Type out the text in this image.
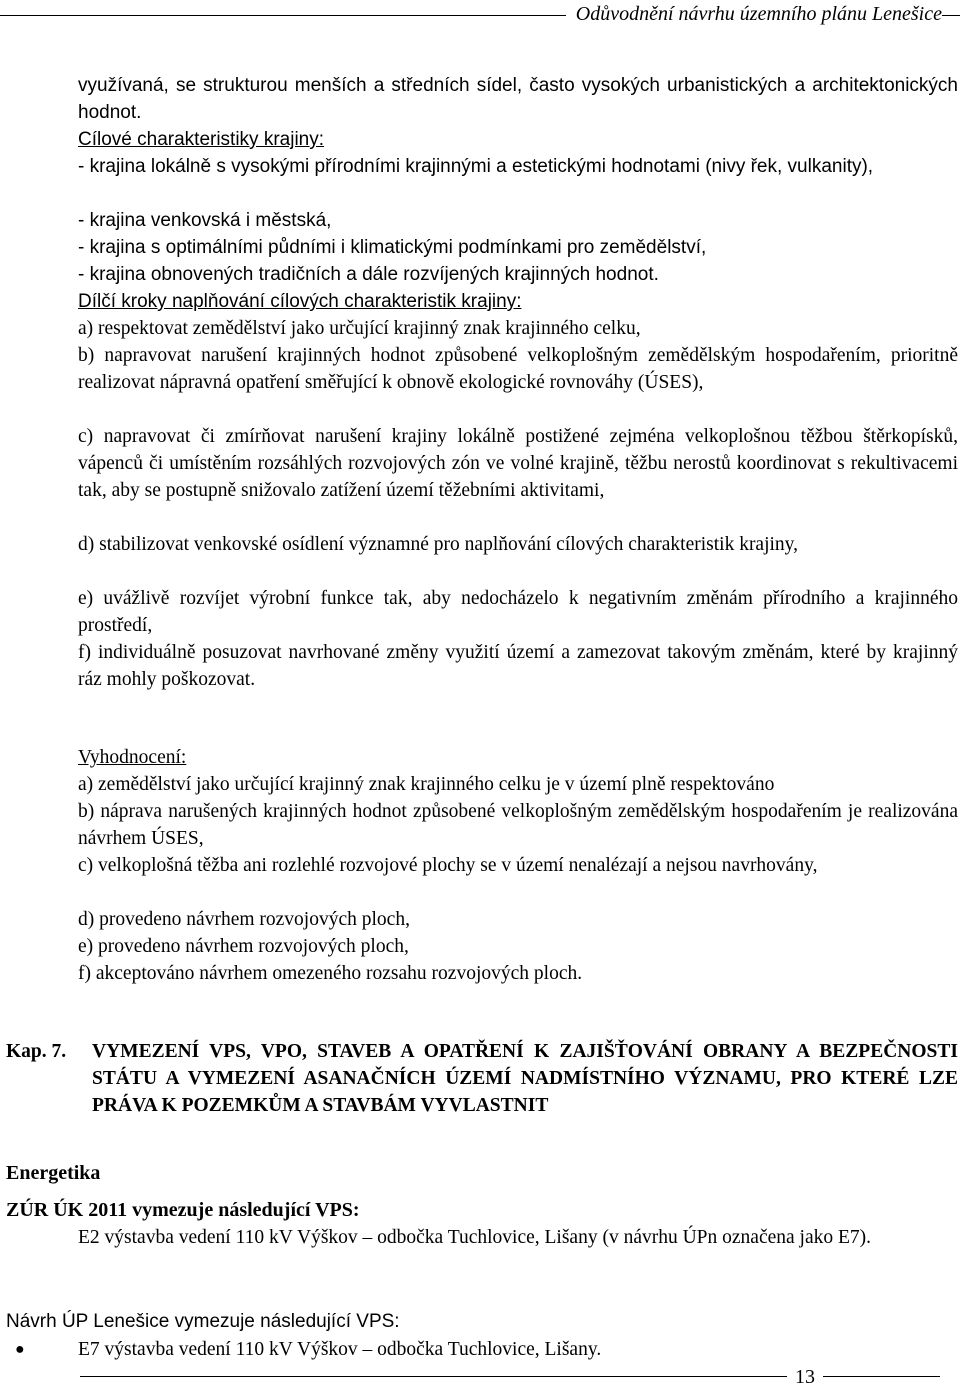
Odůvodnění návrhu územního plánu Lenešice
využívaná, se strukturou menších a středních sídel, často vysokých urbanistických a architektonických hodnot.
Cílové charakteristiky krajiny:
- krajina lokálně s vysokými přírodními krajinnými a estetickými hodnotami (nivy řek, vulkanity),
- krajina venkovská i městská,
- krajina s optimálními půdními i klimatickými podmínkami pro zemědělství,
- krajina obnovených tradičních a dále rozvíjených krajinných hodnot.
Dílčí kroky naplňování cílových charakteristik krajiny:
a) respektovat zemědělství jako určující krajinný znak krajinného celku,
b) napravovat narušení krajinných hodnot způsobené velkoplošným zemědělským hospodařením, prioritně realizovat nápravná opatření směřující k obnově ekologické rovnováhy (ÚSES),
c) napravovat či zmírňovat narušení krajiny lokálně postižené zejména velkoplošnou těžbou štěrkopísků, vápenců či umístěním rozsáhlých rozvojových zón ve volné krajině, těžbu nerostů koordinovat s rekultivacemi tak, aby se postupně snižovalo zatížení území těžebními aktivitami,
d) stabilizovat venkovské osídlení významné pro naplňování cílových charakteristik krajiny,
e) uvážlivě rozvíjet výrobní funkce tak, aby nedocházelo k negativním změnám přírodního a krajinného prostředí,
f) individuálně posuzovat navrhované změny využití území a zamezovat takovým změnám, které by krajinný ráz mohly poškozovat.
Vyhodnocení:
a) zemědělství jako určující krajinný znak krajinného celku je v území plně respektováno
b) náprava narušených krajinných hodnot způsobené velkoplošným zemědělským hospodařením je realizována návrhem ÚSES,
c) velkoplošná těžba ani rozlehlé rozvojové plochy se v území nenalézají a nejsou navrhovány,
d) provedeno návrhem rozvojových ploch,
e) provedeno návrhem rozvojových ploch,
f) akceptováno návrhem omezeného rozsahu rozvojových ploch.
Kap. 7. VYMEZENÍ VPS, VPO, STAVEB A OPATŘENÍ K ZAJIŠŤOVÁNÍ OBRANY A BEZPEČNOSTI STÁTU A VYMEZENÍ ASANAČNÍCH ÚZEMÍ NADMÍSTNÍHO VÝZNAMU, PRO KTERÉ LZE PRÁVA K POZEMKŮM A STAVBÁM VYVLASTNIT
Energetika
ZÚR ÚK 2011 vymezuje následující VPS:
E2 výstavba vedení 110 kV Výškov – odbočka Tuchlovice, Lišany (v návrhu ÚPn označena jako E7).
Návrh ÚP Lenešice vymezuje následující VPS:
●	E7 výstavba vedení 110 kV Výškov – odbočka Tuchlovice, Lišany.
13
